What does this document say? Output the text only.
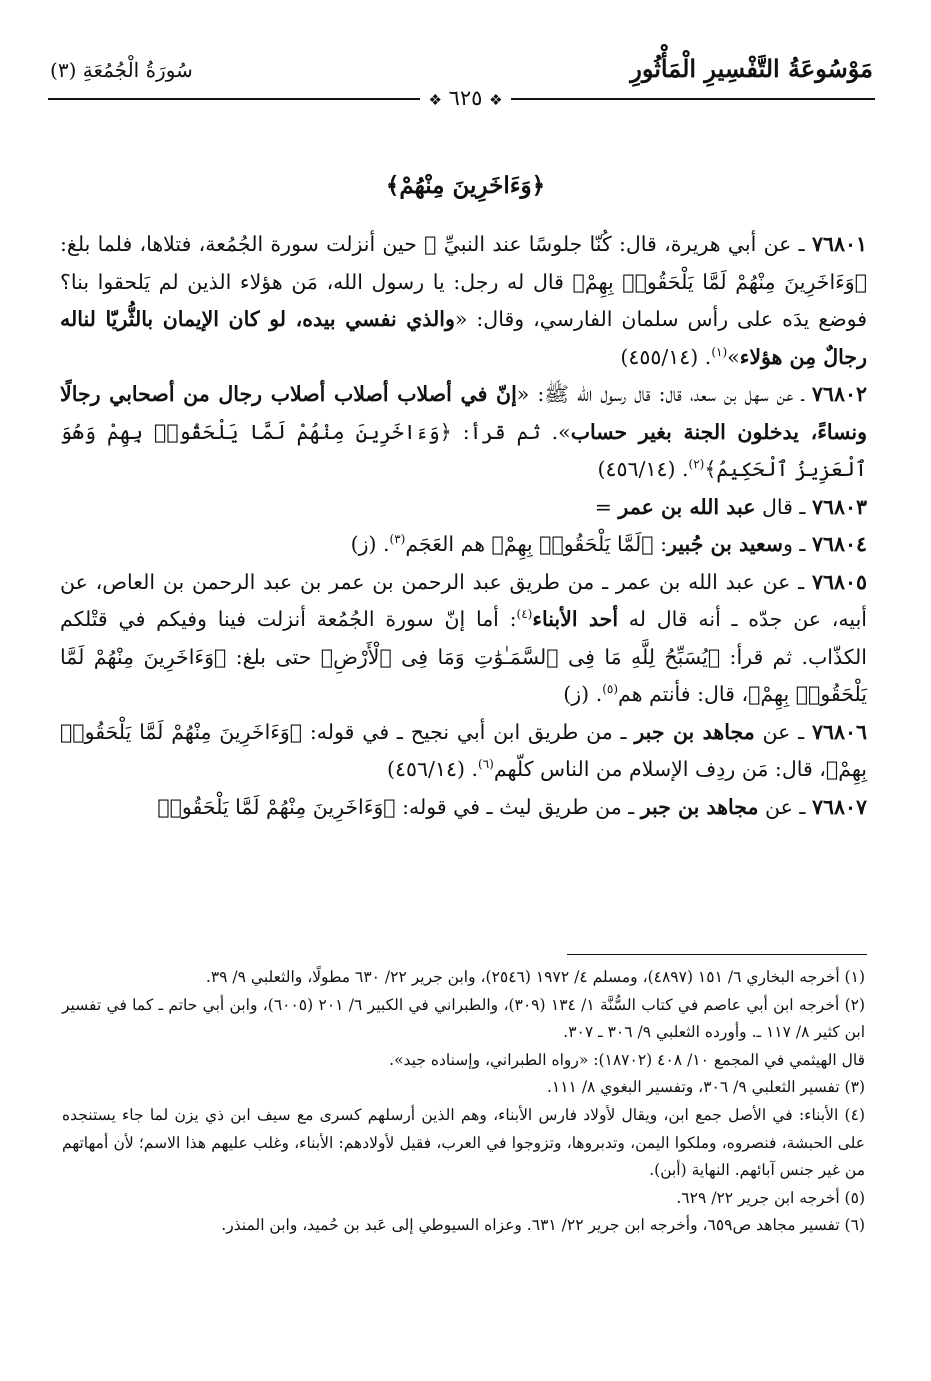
مَوْسُوعَةُ التَّفْسِيرِ الْمَأْثُورِ
سُورَةُ الْجُمُعَةِ (٣)
❖ ٦٢٥ ❖
﴿وَءَاخَرِينَ مِنْهُمْ﴾

٧٦٨٠١ ـ عن أبي هريرة، قال: كُنّا جلوسًا عند النبيِّ ﷺ حين أنزلت سورة الجُمُعة، فتلاها، فلما بلغ: ﴿وَءَاخَرِينَ مِنْهُمْ لَمَّا يَلْحَقُوا۟ بِهِمْ﴾ قال له رجل: يا رسول الله، مَن هؤلاء الذين لم يَلحقوا بنا؟ فوضع يدَه على رأس سلمان الفارسي، وقال: «والذي نفسي بيده، لو كان الإيمان بالثُّريّا لناله رجالٌ مِن هؤلاء»$^{(١)}$. (٤٥٥/١٤)

٧٦٨٠٢ ـ عن سهل بن سعد، قال: قال رسول الله ﷺ: «إنّ في أصلاب أصلاب أصلاب رجال من أصحابي رجالًا ونساءً، يدخلون الجنة بغير حساب». ثم قرأ: ﴿وَءَاخَرِينَ مِنْهُمْ لَمَّا يَلْحَقُوا۟ بِهِمْ وَهُوَ ٱلْعَزِيزُ ٱلْحَكِيمُ﴾$^{(٢)}$. (٤٥٦/١٤)

٧٦٨٠٣ ـ قال عبد الله بن عمر =

٧٦٨٠٤ ـ وسعيد بن جُبير: ﴿لَمَّا يَلْحَقُوا۟ بِهِمْ﴾ هم العَجَم$^{(٣)}$. (ز)

٧٦٨٠٥ ـ عن عبد الله بن عمر ـ من طريق عبد الرحمن بن عمر بن عبد الرحمن بن العاص، عن أبيه، عن جدّه ـ أنه قال له أحد الأبناء$^{(٤)}$: أما إنّ سورة الجُمُعة أنزلت فينا وفيكم في قتْلكم الكذّاب. ثم قرأ: ﴿يُسَبِّحُ لِلَّهِ مَا فِى ٱلسَّمَـٰوَٰتِ وَمَا فِى ٱلْأَرْضِ﴾ حتى بلغ: ﴿وَءَاخَرِينَ مِنْهُمْ لَمَّا يَلْحَقُوا۟ بِهِمْ﴾، قال: فأنتم هم$^{(٥)}$. (ز)

٧٦٨٠٦ ـ عن مجاهد بن جبر ـ من طريق ابن أبي نجيح ـ في قوله: ﴿وَءَاخَرِينَ مِنْهُمْ لَمَّا يَلْحَقُوا۟ بِهِمْ﴾، قال: مَن ردِف الإسلام من الناس كلّهم$^{(٦)}$. (٤٥٦/١٤)

٧٦٨٠٧ ـ عن مجاهد بن جبر ـ من طريق ليث ـ في قوله: ﴿وَءَاخَرِينَ مِنْهُمْ لَمَّا يَلْحَقُوا۟

(١) أخرجه البخاري ٦/ ١٥١ (٤٨٩٧)، ومسلم ٤/ ١٩٧٢ (٢٥٤٦)، وابن جرير ٢٢/ ٦٣٠ مطولًا، والثعلبي ٩/ ٣٩.

(٢) أخرجه ابن أبي عاصم في كتاب السُّنَّة ١/ ١٣٤ (٣٠٩)، والطبراني في الكبير ٦/ ٢٠١ (٦٠٠٥)، وابن أبي حاتم ـ كما في تفسير ابن كثير ٨/ ١١٧ ـ. وأورده الثعلبي ٩/ ٣٠٦ ـ ٣٠٧.

قال الهيثمي في المجمع ١٠/ ٤٠٨ (١٨٧٠٢): «رواه الطبراني، وإسناده جيد».

(٣) تفسير الثعلبي ٩/ ٣٠٦، وتفسير البغوي ٨/ ١١١.

(٤) الأبناء: في الأصل جمع ابن، ويقال لأولاد فارس الأبناء، وهم الذين أرسلهم كسرى مع سيف ابن ذي يزن لما جاء يستنجده على الحبشة، فنصروه، وملكوا اليمن، وتدبروها، وتزوجوا في العرب، فقيل لأولادهم: الأبناء، وغلب عليهم هذا الاسم؛ لأن أمهاتهم من غير جنس آبائهم. النهاية (أبن).

(٥) أخرجه ابن جرير ٢٢/ ٦٢٩.

(٦) تفسير مجاهد ص٦٥٩، وأخرجه ابن جرير ٢٢/ ٦٣١. وعزاه السيوطي إلى عَبد بن حُميد، وابن المنذر.
